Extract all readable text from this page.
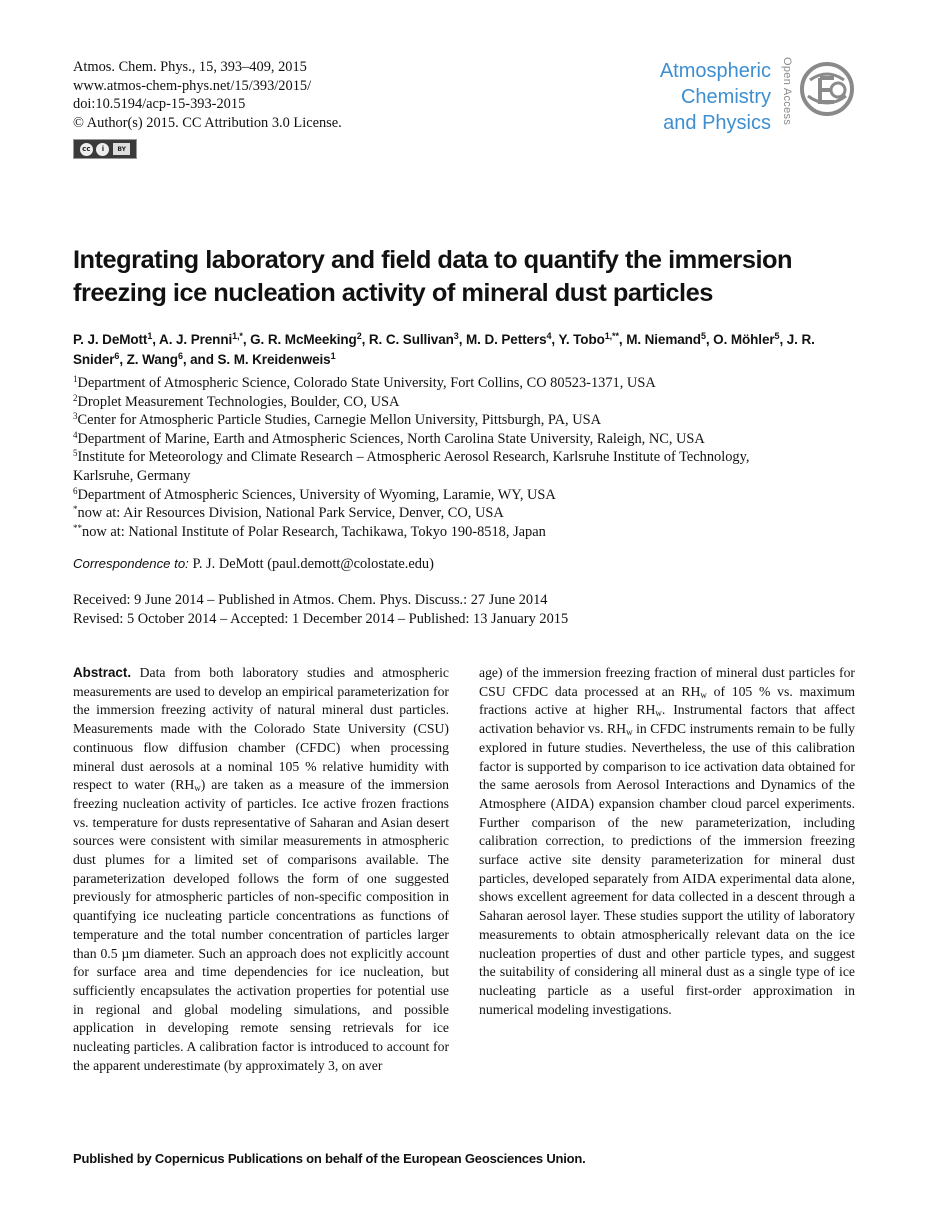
Atmos. Chem. Phys., 15, 393–409, 2015
www.atmos-chem-phys.net/15/393/2015/
doi:10.5194/acp-15-393-2015
© Author(s) 2015. CC Attribution 3.0 License.
cc	i	BY
Atmospheric
Chemistry
and Physics Open Access
Integrating laboratory and field data to quantify the immersion
freezing ice nucleation activity of mineral dust particles
P. J. DeMott$^1$, A. J. Prenni$^{1,*}$, G. R. McMeeking$^2$, R. C. Sullivan$^3$, M. D. Petters$^4$, Y. Tobo$^{1,**}$, M. Niemand$^5$, O. Möhler$^5$, J. R. Snider$^6$, Z. Wang$^6$, and S. M. Kreidenweis$^1$
$^1$Department of Atmospheric Science, Colorado State University, Fort Collins, CO 80523-1371, USA
$^2$Droplet Measurement Technologies, Boulder, CO, USA
$^3$Center for Atmospheric Particle Studies, Carnegie Mellon University, Pittsburgh, PA, USA
$^4$Department of Marine, Earth and Atmospheric Sciences, North Carolina State University, Raleigh, NC, USA
$^5$Institute for Meteorology and Climate Research – Atmospheric Aerosol Research, Karlsruhe Institute of Technology,
Karlsruhe, Germany
$^6$Department of Atmospheric Sciences, University of Wyoming, Laramie, WY, USA
*now at: Air Resources Division, National Park Service, Denver, CO, USA
**now at: National Institute of Polar Research, Tachikawa, Tokyo 190-8518, Japan
Correspondence to: P. J. DeMott (paul.demott@colostate.edu)
Received: 9 June 2014 – Published in Atmos. Chem. Phys. Discuss.: 27 June 2014
Revised: 5 October 2014 – Accepted: 1 December 2014 – Published: 13 January 2015
Abstract. Data from both laboratory studies and atmospheric measurements are used to develop an empirical parameterization for the immersion freezing activity of natural mineral dust particles. Measurements made with the Colorado State University (CSU) continuous flow diffusion chamber (CFDC) when processing mineral dust aerosols at a nominal 105 % relative humidity with respect to water $(RH_w)$ are taken as a measure of the immersion freezing nucleation activity of particles. Ice active frozen fractions vs. temperature for dusts representative of Saharan and Asian desert sources were consistent with similar measurements in atmospheric dust plumes for a limited set of comparisons available. The parameterization developed follows the form of one suggested previously for atmospheric particles of non-specific composition in quantifying ice nucleating particle concentrations as functions of temperature and the total number concentration of particles larger than 0.5 µm diameter. Such an approach does not explicitly account for surface area and time dependencies for ice nucleation, but sufficiently encapsulates the activation properties for potential use in regional and global modeling simulations, and possible application in developing remote sensing retrievals for ice nucleating particles. A calibration factor is introduced to account for the apparent underestimate (by approximately 3, on aver
age) of the immersion freezing fraction of mineral dust particles for CSU CFDC data processed at an $RH_w$ of 105 % vs. maximum fractions active at higher $RH_w$. Instrumental factors that affect activation behavior vs. $RH_w$ in CFDC instruments remain to be fully explored in future studies. Nevertheless, the use of this calibration factor is supported by comparison to ice activation data obtained for the same aerosols from Aerosol Interactions and Dynamics of the Atmosphere (AIDA) expansion chamber cloud parcel experiments. Further comparison of the new parameterization, including calibration correction, to predictions of the immersion freezing surface active site density parameterization for mineral dust particles, developed separately from AIDA experimental data alone, shows excellent agreement for data collected in a descent through a Saharan aerosol layer. These studies support the utility of laboratory measurements to obtain atmospherically relevant data on the ice nucleation properties of dust and other particle types, and suggest the suitability of considering all mineral dust as a single type of ice nucleating particle as a useful first-order approximation in numerical modeling investigations.
Published by Copernicus Publications on behalf of the European Geosciences Union.
